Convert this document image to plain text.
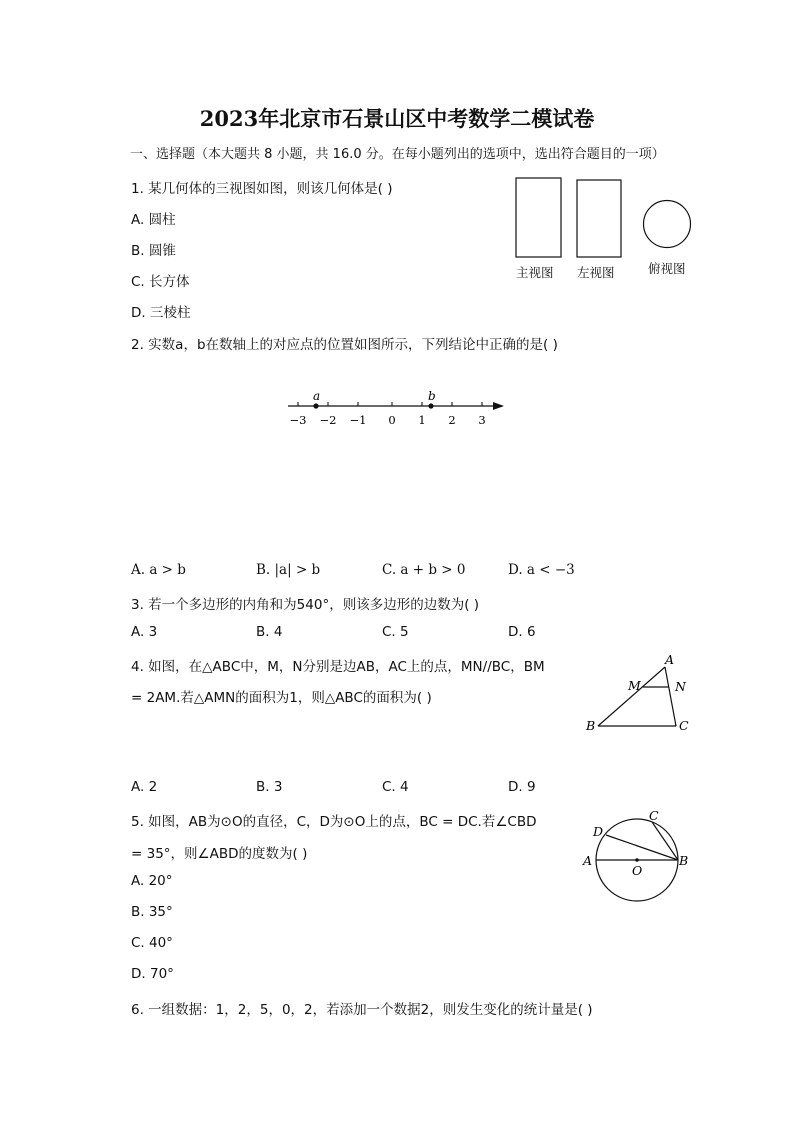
2023年北京市石景山区中考数学二模试卷
一、选择题（本大题共 8 小题，共 16.0 分。在每小题列出的选项中，选出符合题目的一项）
1. 某几何体的三视图如图，则该几何体是( )
A. 圆柱
B. 圆锥
C. 长方体
D. 三棱柱
主视图 左视图	俯视图
2. 实数a，b在数轴上的对应点的位置如图所示，下列结论中正确的是( )
a	b
−3 −2 −1 0 1 2 3
A. a > b	B. |a| > b	C. a + b > 0	D. a < −3
3. 若一个多边形的内角和为540°，则该多边形的边数为( )
A. 3	B. 4	C. 5	D. 6
4. 如图，在△ABC中，M，N分别是边AB，AC上的点，MN//BC，BM
= 2AM.若△AMN的面积为1，则△ABC的面积为( )
A
M	N
B	C
A. 2	B. 3	C. 4	D. 9
5. 如图，AB为⊙O的直径，C，D为⊙O上的点，BC = DC.若∠CBD
= 35°，则∠ABD的度数为( )	A	B
C
D
O
A. 20°
B. 35°
C. 40°
D. 70°
6. 一组数据：1，2，5，0，2，若添加一个数据2，则发生变化的统计量是( )
